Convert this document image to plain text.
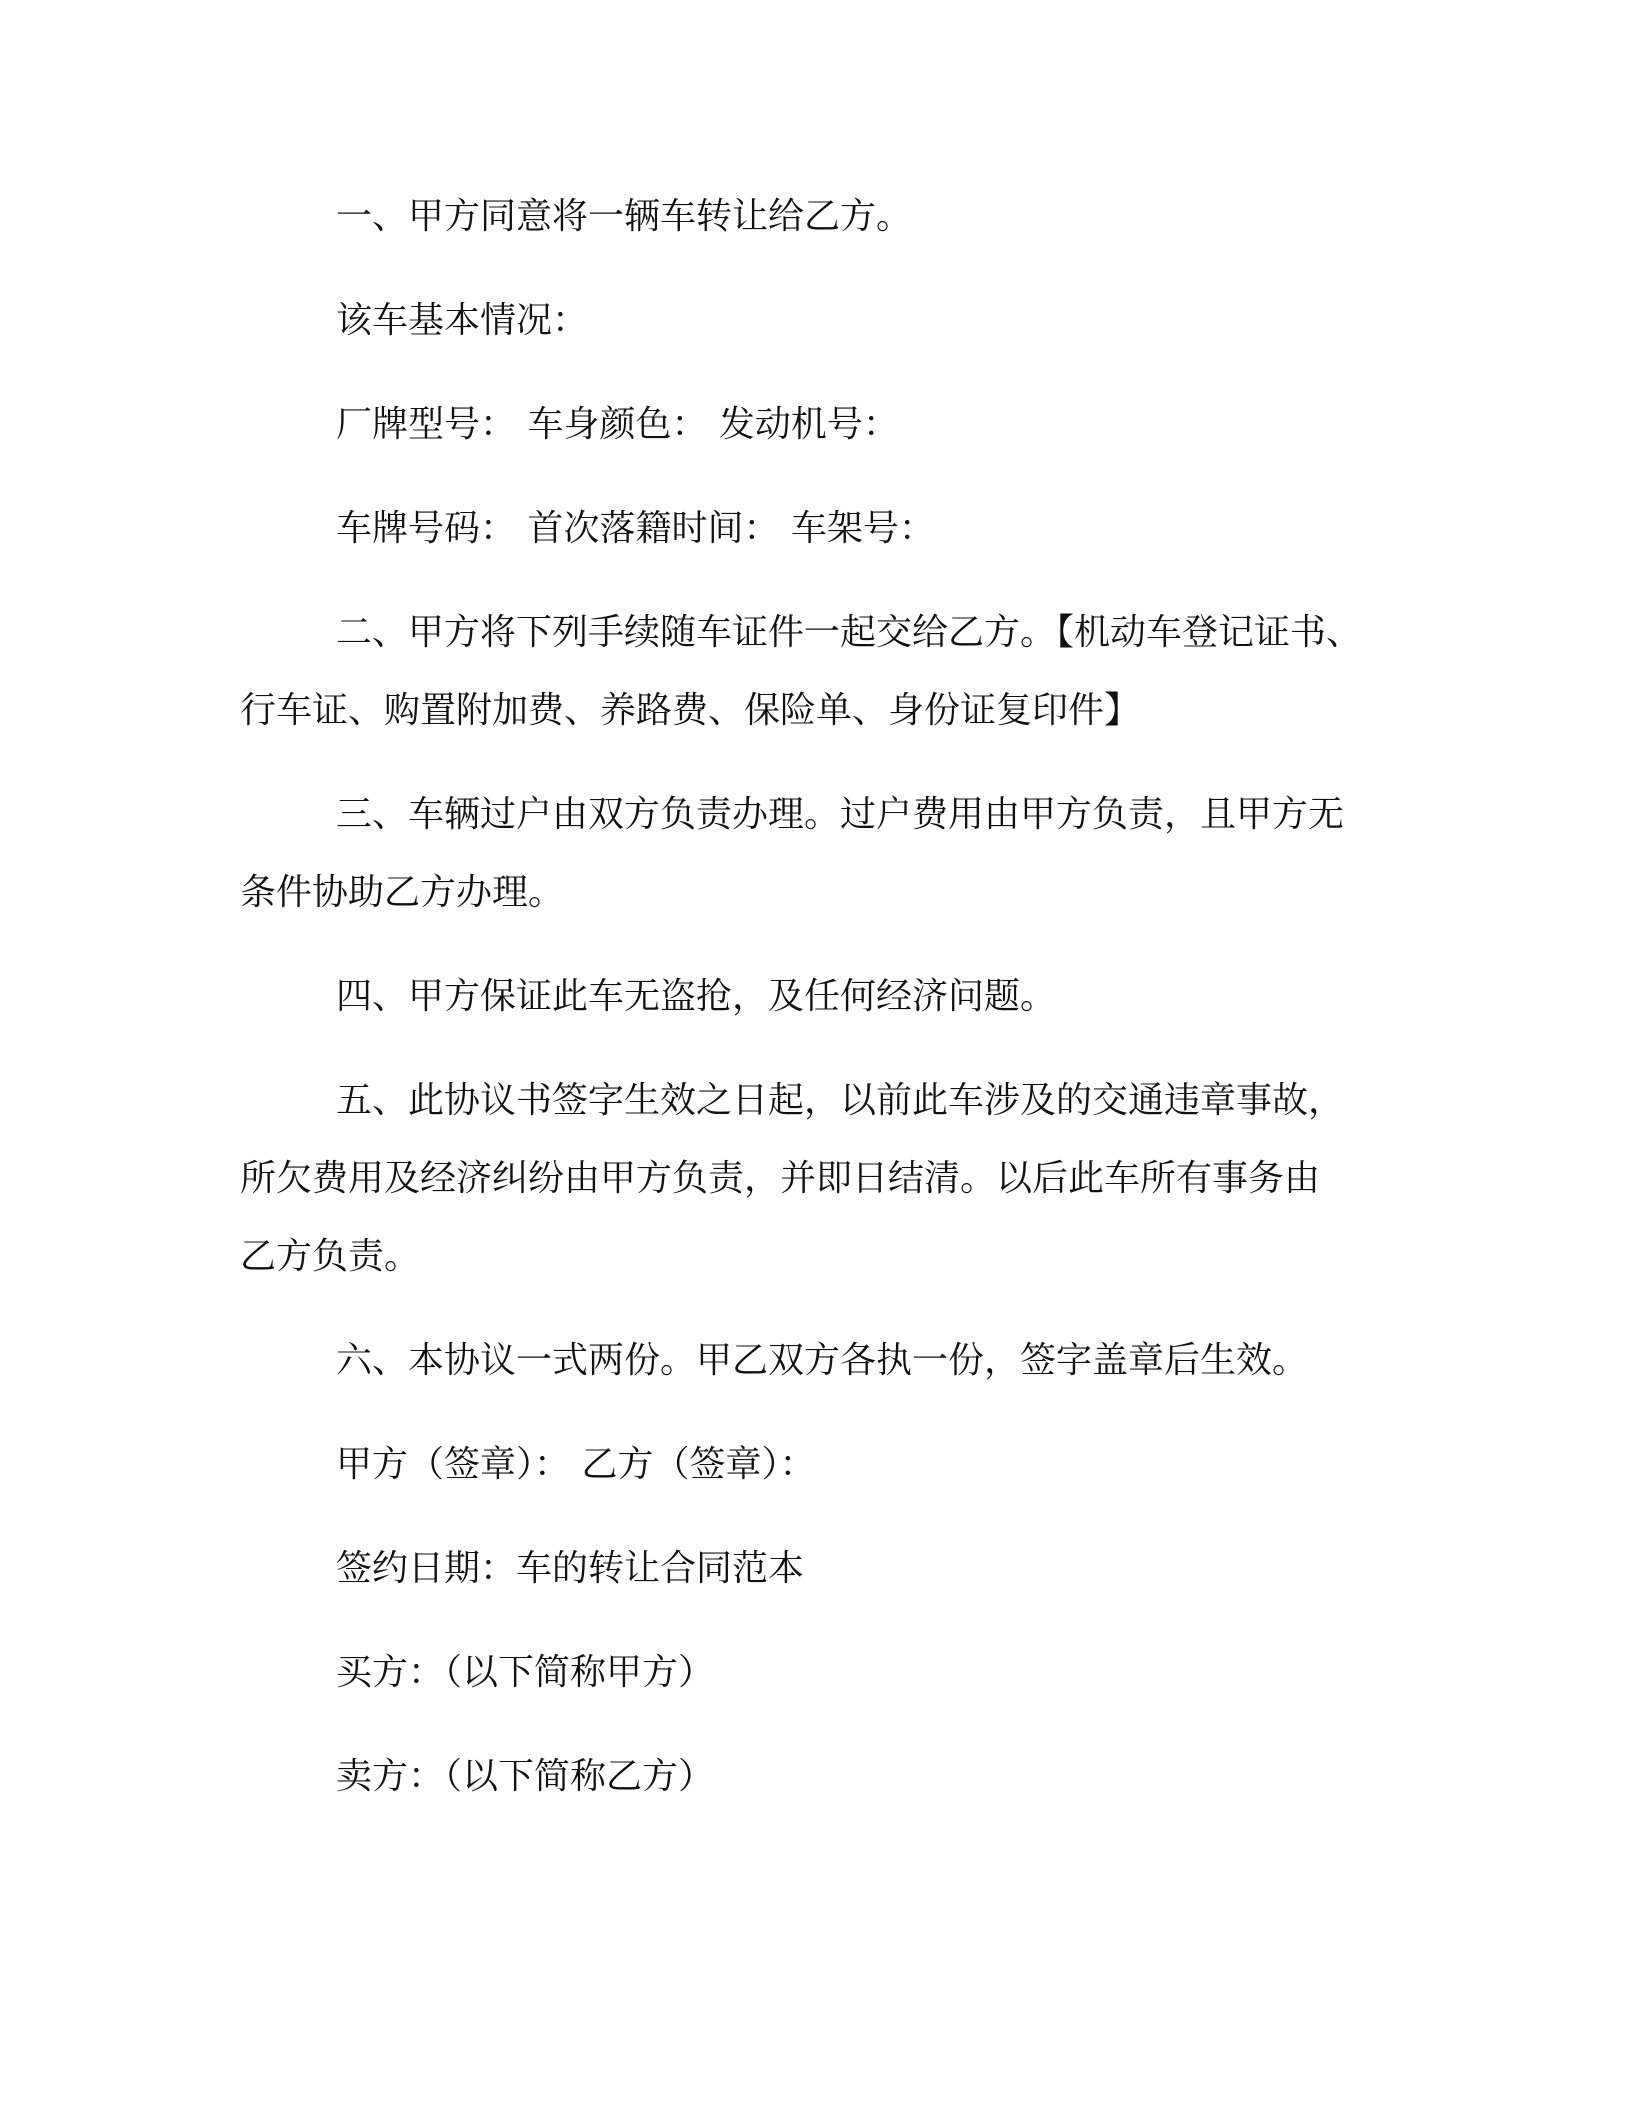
一、甲方同意将一辆车转让给乙方。
该车基本情况：
厂牌型号： 车身颜色： 发动机号：
车牌号码： 首次落籍时间： 车架号：
二、甲方将下列手续随车证件一起交给乙方。【机动车登记证书、
行车证、购置附加费、养路费、保险单、身份证复印件】
三、车辆过户由双方负责办理。过户费用由甲方负责，且甲方无
条件协助乙方办理。
四、甲方保证此车无盗抢，及任何经济问题。
五、此协议书签字生效之日起，以前此车涉及的交通违章事故，
所欠费用及经济纠纷由甲方负责，并即日结清。以后此车所有事务由
乙方负责。
六、本协议一式两份。甲乙双方各执一份，签字盖章后生效。
甲方（签章）： 乙方（签章）：
签约日期：车的转让合同范本
买方：（以下简称甲方）
卖方：（以下简称乙方）
